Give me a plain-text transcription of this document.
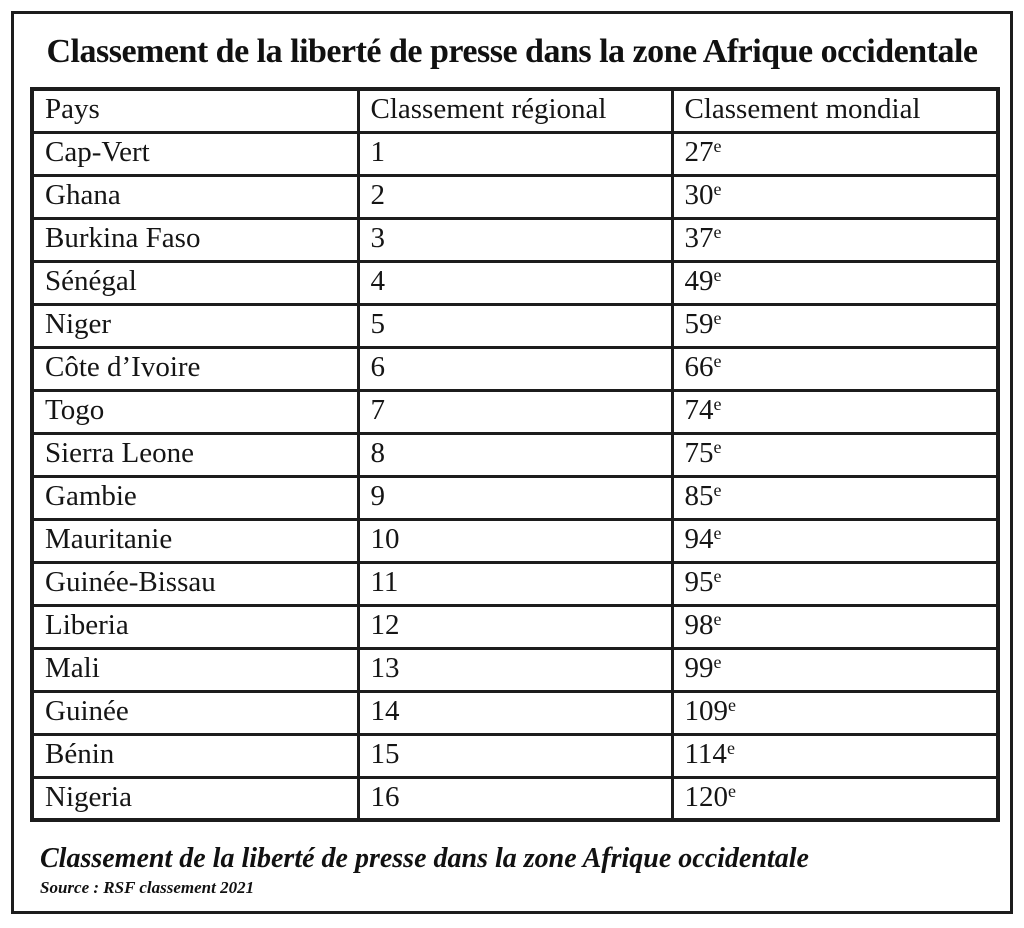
Classement de la liberté de presse dans la zone Afrique occidentale
Pays	Classement régional	Classement mondial
Cap-Vert	1	27e
Ghana	2	30e
Burkina Faso	3	37e
Sénégal	4	49e
Niger	5	59e
Côte d’Ivoire	6	66e
Togo	7	74e
Sierra Leone	8	75e
Gambie	9	85e
Mauritanie	10	94e
Guinée-Bissau	11	95e
Liberia	12	98e
Mali	13	99e
Guinée	14	109e
Bénin	15	114e
Nigeria	16	120e

Classement de la liberté de presse dans la zone Afrique occidentale

Source : RSF classement 2021
